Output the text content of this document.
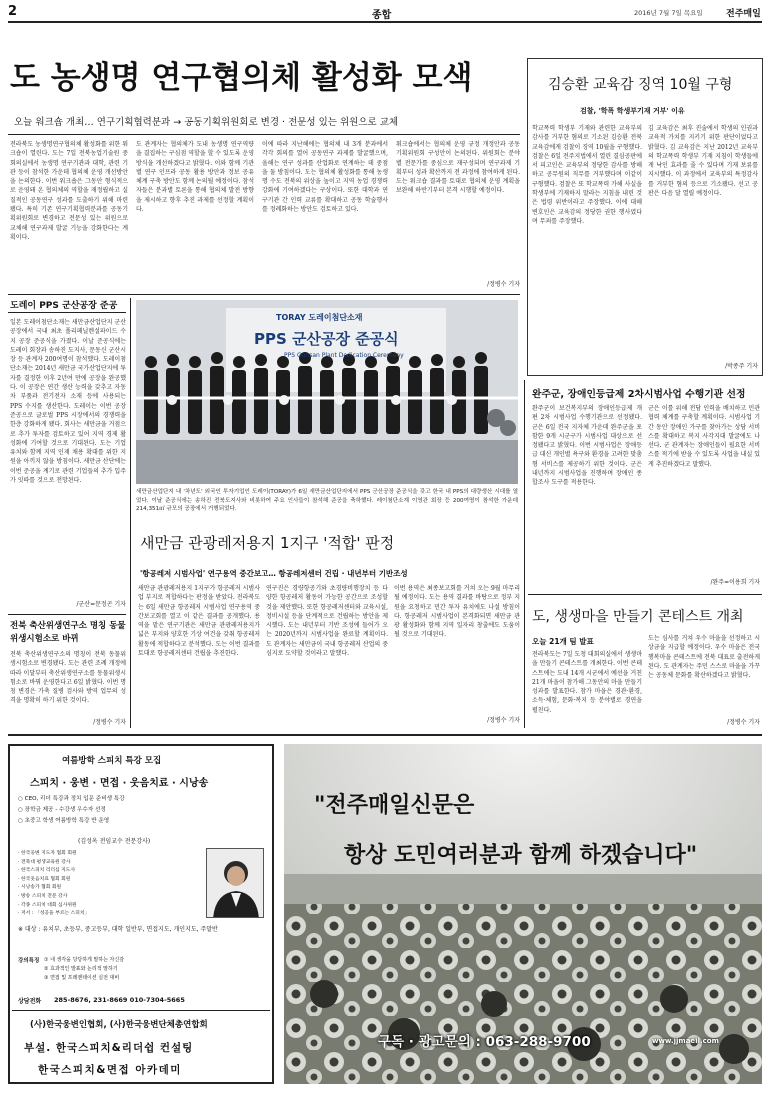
2	종합	2016년 7월 7일 목요일	전주매일
도 농생명 연구협의체 활성화 모색
오늘 워크숍 개최… 연구기획협력분과 → 공동기획위원회로 변경 · 전문성 있는 위원으로 교체
전라북도 농생명연구협의체 활성화를 위한 워크숍이 열린다. 도는 7일 전북농업기술원 중회의실에서 농생명 연구기관과 대학, 관련 기관 등이 참석한 가운데 협의체 운영 개선방안을 논의한다. 이번 워크숍은 그동안 형식적으로 운영돼 온 협의체의 역할을 재정립하고 실질적인 공동연구 성과를 도출하기 위해 마련됐다. 특히 기존 연구기획협력분과를 공동기획위원회로 변경하고 전문성 있는 위원으로 교체해 연구과제 발굴 기능을 강화한다는 계획이다.
도 관계자는 협의체가 도내 농생명 연구역량을 결집하는 구심점 역할을 할 수 있도록 운영 방식을 개선하겠다고 밝혔다. 이와 함께 기관별 연구 인프라 공동 활용 방안과 정보 공유 체계 구축 방안도 함께 논의될 예정이다. 참석자들은 분과별 토론을 통해 협의체 발전 방향을 제시하고 향후 추진 과제를 선정할 계획이다.
이에 따라 지난해에는 협의체 내 3개 분과에서 각각 회의를 열어 공동연구 과제를 발굴했으며, 올해는 연구 성과를 산업화로 연계하는 데 중점을 둘 방침이다. 도는 협의체 활성화를 통해 농생명 수도 전북의 위상을 높이고 지역 농업 경쟁력 강화에 기여하겠다는 구상이다. 또한 대학과 연구기관 간 인력 교류를 확대하고 공동 학술행사를 정례화하는 방안도 검토하고 있다.
워크숍에서는 협의체 운영 규정 개정안과 공동기획위원회 구성안이 논의된다. 위원회는 분야별 전문가를 중심으로 재구성되며 연구과제 기획부터 성과 확산까지 전 과정에 참여하게 된다. 도는 워크숍 결과를 토대로 협의체 운영 계획을 보완해 하반기부터 본격 시행할 예정이다.
/정병수 기자
김승환 교육감 징역 10월 구형
검찰, '학폭 학생부기재 거부' 이유
학교폭력 학생부 기재와 관련한 교육부의 감사를 거부한 혐의로 기소된 김승환 전북교육감에게 검찰이 징역 10월을 구형했다. 검찰은 6일 전주지법에서 열린 결심공판에서 피고인은 교육부의 정당한 감사를 방해하고 공무원의 직무를 거부했다며 이같이 구형했다. 검찰은 또 학교폭력 가해 사실을 학생부에 기재하지 말라는 지침을 내린 것은 법령 위반이라고 주장했다. 이에 대해 변호인은 교육감의 정당한 권한 행사였다며 무죄를 주장했다.
김 교육감은 최후 진술에서 학생의 인권과 교육적 가치를 지키기 위한 판단이었다고 밝혔다. 김 교육감은 지난 2012년 교육부의 학교폭력 학생부 기재 지침이 학생들에게 낙인 효과를 줄 수 있다며 기재 보류를 지시했다. 이 과정에서 교육부의 특정감사를 거부한 혐의 등으로 기소됐다. 선고 공판은 다음 달 열릴 예정이다.
/박종주 기자
도레이 PPS 군산공장 준공
일본 도레이첨단소재는 새만금산업단지 군산공장에서 국내 최초 폴리페닐렌설파이드 수지 공장 준공식을 가졌다. 이날 준공식에는 도레이 회장과 송하진 도지사, 문동신 군산시장 등 관계자 200여명이 참석했다. 도레이첨단소재는 2014년 새만금 국가산업단지에 투자를 결정한 이후 2년여 만에 공장을 완공했다. 이 공장은 연간 생산 능력을 갖추고 자동차 부품과 전기전자 소재 등에 사용되는 PPS 수지를 생산한다. 도레이는 이번 공장 준공으로 글로벌 PPS 시장에서의 경쟁력을 한층 강화하게 됐다. 회사는 새만금을 거점으로 추가 투자를 검토하고 있어 지역 경제 활성화에 기여할 것으로 기대된다. 도는 기업 유치와 함께 지역 인재 채용 확대를 위한 지원을 아끼지 않을 방침이다. 새만금 산단에는 이번 준공을 계기로 관련 기업들의 추가 입주가 잇따를 것으로 전망된다.
/군산=문정곤 기자
TORAY 도레이첨단소재
PPS 군산공장 준공식
PPS Gunsan Plant Dedication Ceremony
새만금산업단지 내 '차년도' 외국인 투자기업인 도레이(TORAY)가 6일 새만금산업단지에서 PPS 군산공장 준공식을 갖고 한국 내 PPS의 대량생산 시대를 열었다. 이날 준공식에는 송하진 전북도지사와 비롯하여 주요 인사들이 참석해 준공을 축하했다. 레이첨단소재 이영관 회장 등 200여명이 참석한 가운데 214,351㎡ 규모의 공장에서 거행되었다.
새만금 관광레저용지 1지구 '적합' 판정
'항공레저 시범사업' 연구용역 중간보고… 항공레저센터 건립 · 내년부터 기반조성
새만금 관광레저용지 1지구가 항공레저 시범사업 부지로 적합하다는 판정을 받았다. 전라북도는 6일 새만금 항공레저 시범사업 연구용역 중간보고회를 열고 이 같은 결과를 공개했다. 용역을 맡은 연구기관은 새만금 관광레저용지가 넓은 부지와 양호한 기상 여건을 갖춰 항공레저 활동에 적합하다고 분석했다. 도는 이번 결과를 토대로 항공레저센터 건립을 추진한다.
연구진은 경량항공기와 초경량비행장치 등 다양한 항공레저 활동이 가능한 공간으로 조성할 것을 제안했다. 또한 항공레저센터와 교육시설, 정비시설 등을 단계적으로 건립하는 방안을 제시했다. 도는 내년부터 기반 조성에 들어가 오는 2020년까지 시범사업을 완료할 계획이다. 도 관계자는 새만금이 국내 항공레저 산업의 중심지로 도약할 것이라고 말했다.
이번 용역은 최종보고회를 거쳐 오는 9월 마무리될 예정이다. 도는 용역 결과를 바탕으로 정부 지원을 요청하고 민간 투자 유치에도 나설 방침이다. 항공레저 시범사업이 본격화되면 새만금 관광 활성화와 함께 지역 일자리 창출에도 도움이 될 것으로 기대된다.
/정병수 기자
전북 축산위생연구소 명칭 동물위생시험소로 바뀌
전북 축산위생연구소의 명칭이 전북 동물위생시험소로 변경됐다. 도는 관련 조례 개정에 따라 이달부터 축산위생연구소를 동물위생시험소로 바꿔 운영한다고 6일 밝혔다. 이번 명칭 변경은 가축 질병 검사와 방역 업무의 성격을 명확히 하기 위한 것이다.
/정병수 기자
완주군, 장애인등급제 2차시범사업 수행기관 선정
완주군이 보건복지부의 장애인등급제 개편 2차 시범사업 수행기관으로 선정됐다. 군은 6일 전국 지자체 가운데 완주군을 포함한 9개 시군구가 시범사업 대상으로 선정됐다고 밝혔다. 이번 시범사업은 장애등급 대신 개인별 욕구와 환경을 고려한 맞춤형 서비스를 제공하기 위한 것이다. 군은 내년까지 시범사업을 진행하며 장애인 종합조사 도구를 적용한다.
군은 이를 위해 전담 인력을 배치하고 민관 협력 체계를 구축할 계획이다. 시범사업 기간 동안 장애인 가구를 찾아가는 상담 서비스를 확대하고 복지 사각지대 발굴에도 나선다. 군 관계자는 장애인들이 필요한 서비스를 적기에 받을 수 있도록 사업을 내실 있게 추진하겠다고 말했다.
/완주=이용희 기자
도, 생생마을 만들기 콘테스트 개최
오늘 21개 팀 발표
전라북도는 7일 도청 대회의실에서 생생마을 만들기 콘테스트를 개최한다. 이번 콘테스트에는 도내 14개 시군에서 예선을 거친 21개 마을이 참가해 그동안의 마을 만들기 성과를 발표한다. 참가 마을은 경관·환경, 소득·체험, 문화·복지 등 분야별로 경연을 펼친다.
도는 심사를 거쳐 우수 마을을 선정하고 시상금을 지급할 예정이다. 우수 마을은 전국 행복마을 콘테스트에 전북 대표로 출전하게 된다. 도 관계자는 주민 스스로 마을을 가꾸는 공동체 문화를 확산하겠다고 밝혔다.
/정병수 기자
여름방학 스피치 특강 모집
스피치 · 웅변 · 면접 · 웃음치료 · 시낭송
○ CEO, 리더 특강과 정치 입문 준비생 특강
○ 장학금 제공 - 수강생 우수자 선정
○ 초중고 학생 여름방학 특강 반 운영
(김성옥 전임교수 전문강사)
· 한국웅변 지도자 협회 회원
· 전북대 평생교육원 강사
· 한국스피치 리더십 지도사
· 한국웃음치료 협회 회원
· 시낭송가 협회 회원
· 방송 스피치 전문 강사
· 각종 스피치 대회 심사위원
· 저서 : 「성공을 부르는 스피치」
※ 대상 : 유치부, 초등부, 중고등부, 대학 일반부, 면접지도, 개인지도, 주말반
강의특징 ① 내 생각을 당당하게 말하는 자신감
② 효과적인 발표와 논리적 말하기
③ 면접 및 프레젠테이션 실전 대비
상담전화 285-8676, 231-8669 010-7304-5665
(사)한국웅변인협회, (사)한국웅변단체총연합회
부설. 한국스피치&리더쉽 컨설팅
한국스피치&면접 아카데미
"전주매일신문은
항상 도민여러분과 함께 하겠습니다"
구독 · 광고문의 : 063-288-9700	www.jjmaeil.com
